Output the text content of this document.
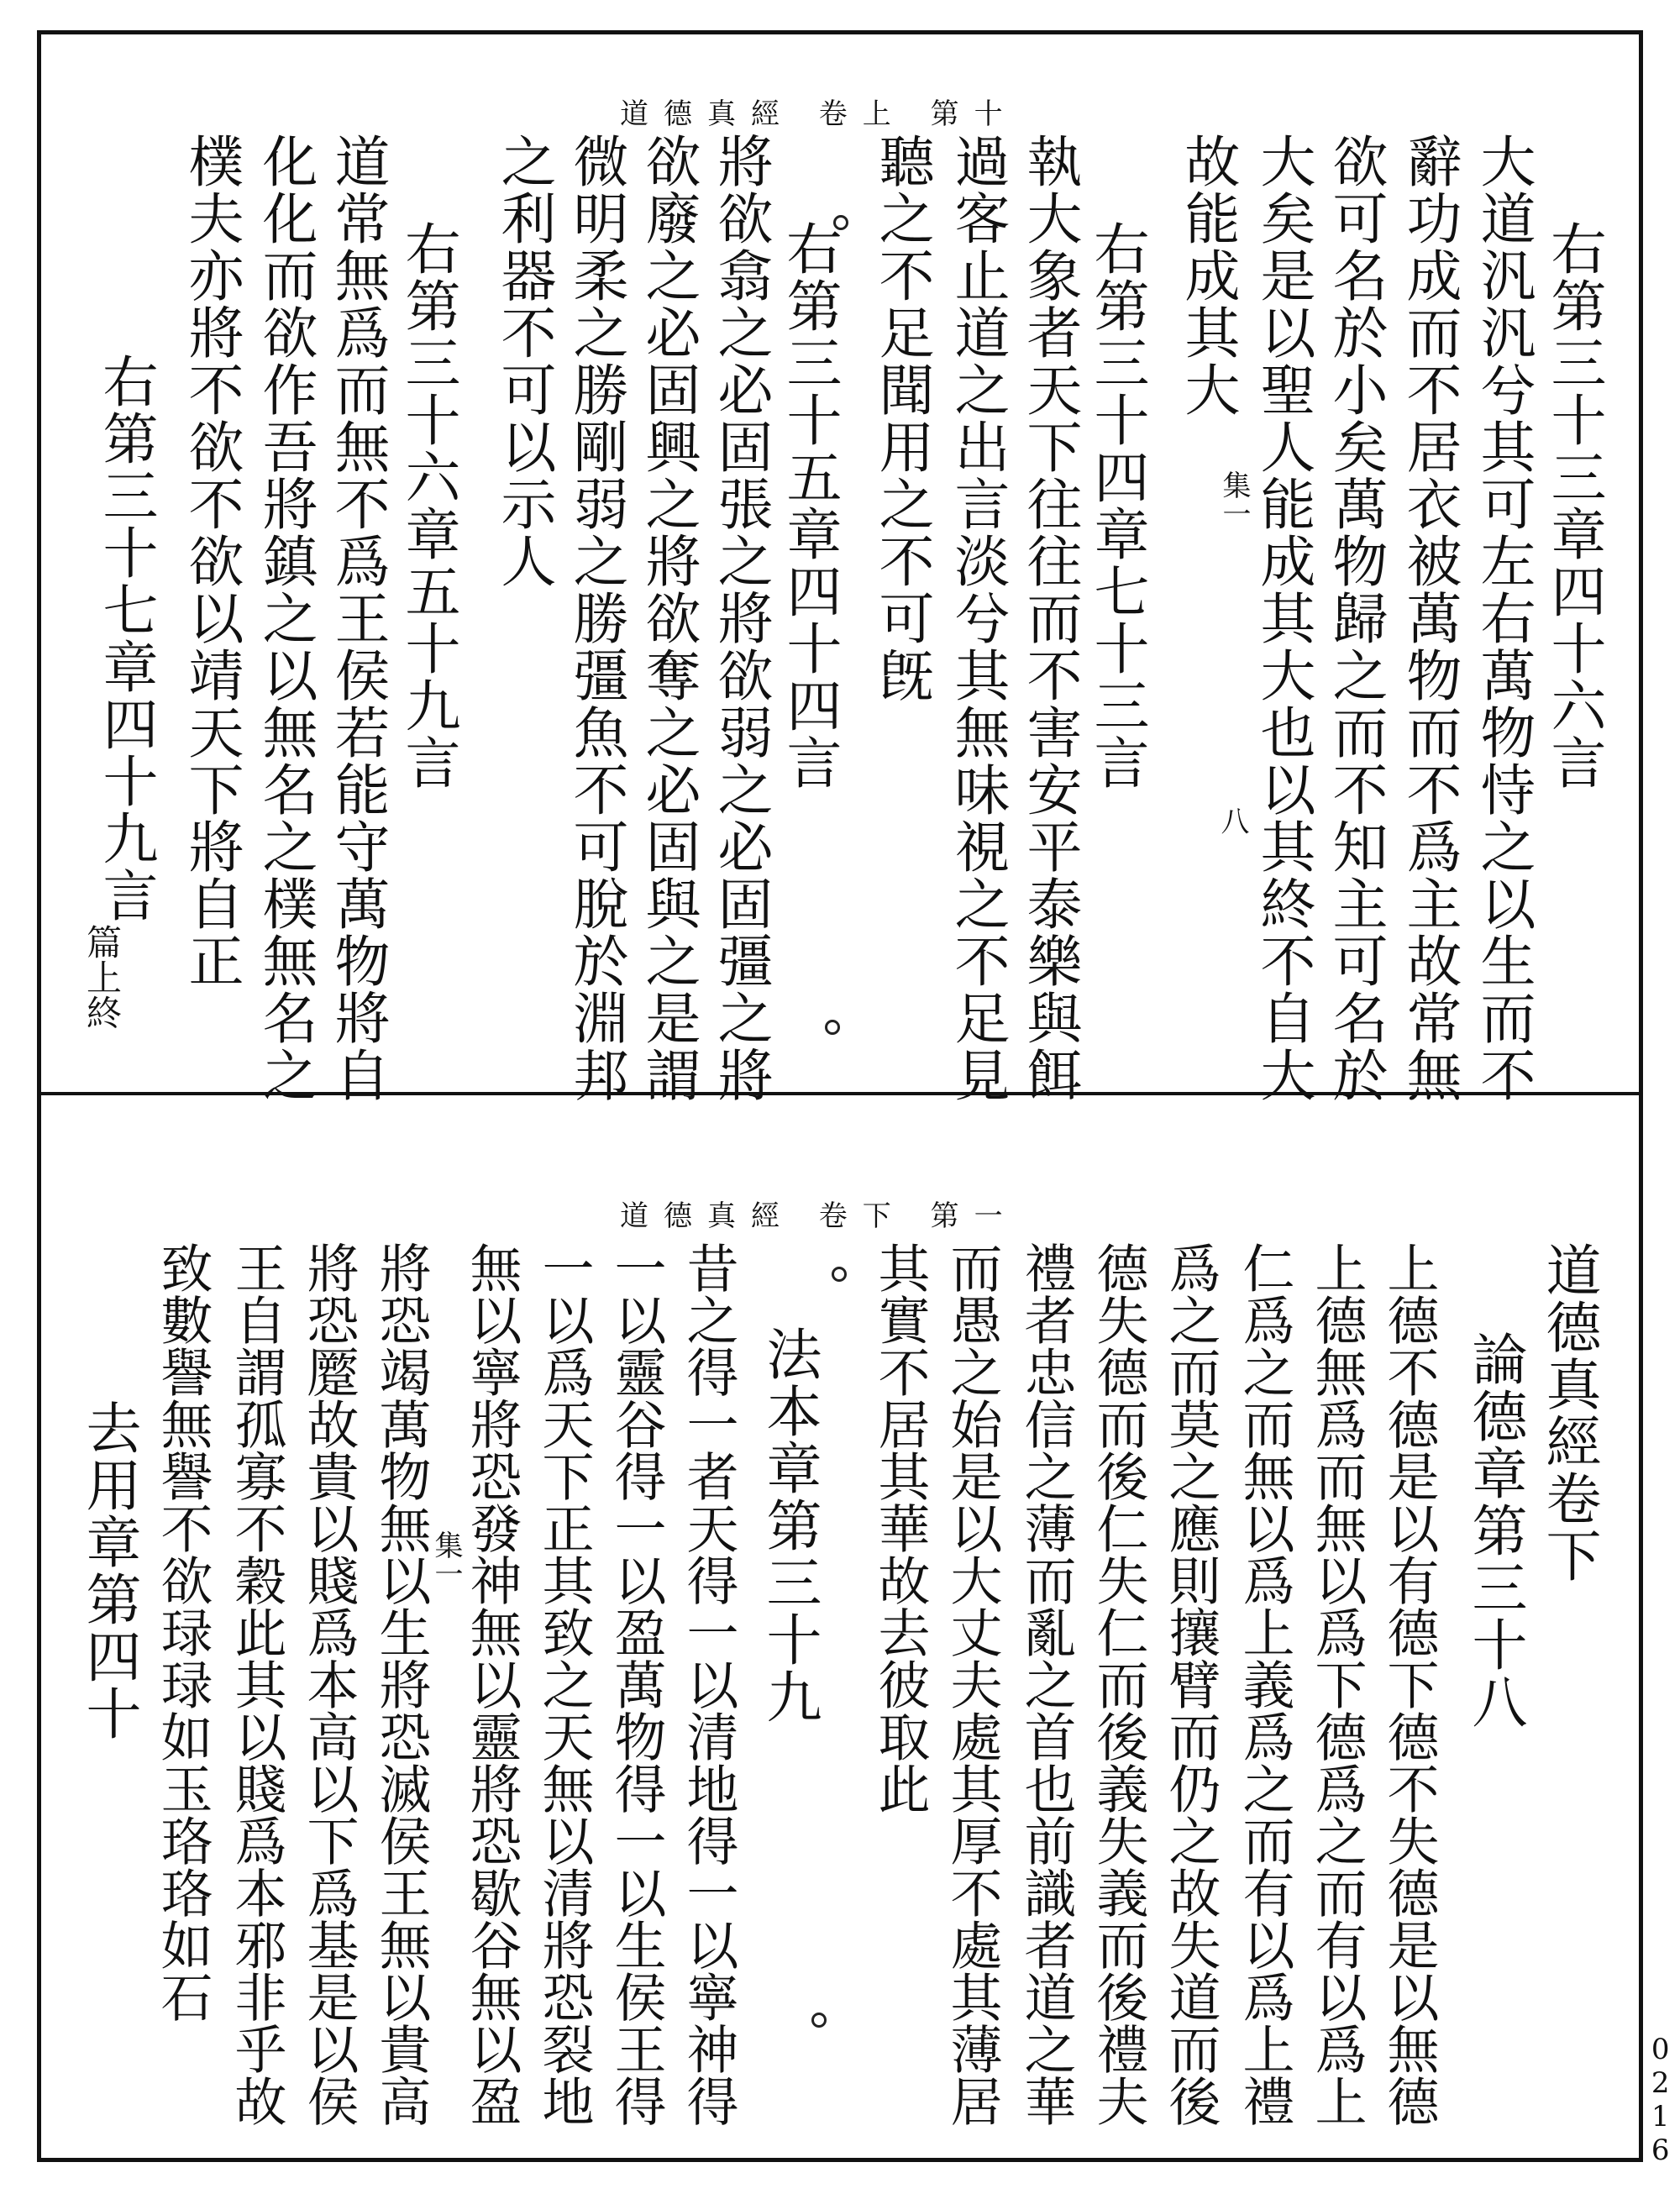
道德真經 卷上 第十
右第三十三章四十六言
大道汎汎兮其可左右萬物恃之以生而不
辭功成而不居衣被萬物而不爲主故常無
欲可名於小矣萬物歸之而不知主可名於
大矣是以聖人能成其大也以其終不自大
故能成其大
右第三十四章七十三言
執大象者天下往往而不害安平泰樂與餌
過客止道之出言淡兮其無味視之不足見
聽之不足聞用之不可旣
右第三十五章四十四言
將欲翕之必固張之將欲弱之必固彊之將
欲廢之必固興之將欲奪之必固與之是謂
微明柔之勝剛弱之勝彊魚不可脫於淵邦
之利器不可以示人
右第三十六章五十九言
道常無爲而無不爲王侯若能守萬物將自
化化而欲作吾將鎮之以無名之樸無名之
樸夫亦將不欲不欲以靖天下將自正
右第三十七章四十九言
篇上終
集一
八
道德真經 卷下 第一
道德真經卷下
論德章第三十八
上德不德是以有德下德不失德是以無德
上德無爲而無以爲下德爲之而有以爲上
仁爲之而無以爲上義爲之而有以爲上禮
爲之而莫之應則攘臂而仍之故失道而後
德失德而後仁失仁而後義失義而後禮夫
禮者忠信之薄而亂之首也前識者道之華
而愚之始是以大丈夫處其厚不處其薄居
其實不居其華故去彼取此
法本章第三十九
昔之得一者天得一以清地得一以寧神得
一以靈谷得一以盈萬物得一以生侯王得
一以爲天下正其致之天無以清將恐裂地
無以寧將恐發神無以靈將恐歇谷無以盈
將恐竭萬物無以生將恐滅侯王無以貴高
將恐蹷故貴以賤爲本高以下爲基是以侯
王自謂孤寡不穀此其以賤爲本邪非乎故
致數譽無譽不欲琭琭如玉珞珞如石
去用章第四十	集一
0216
